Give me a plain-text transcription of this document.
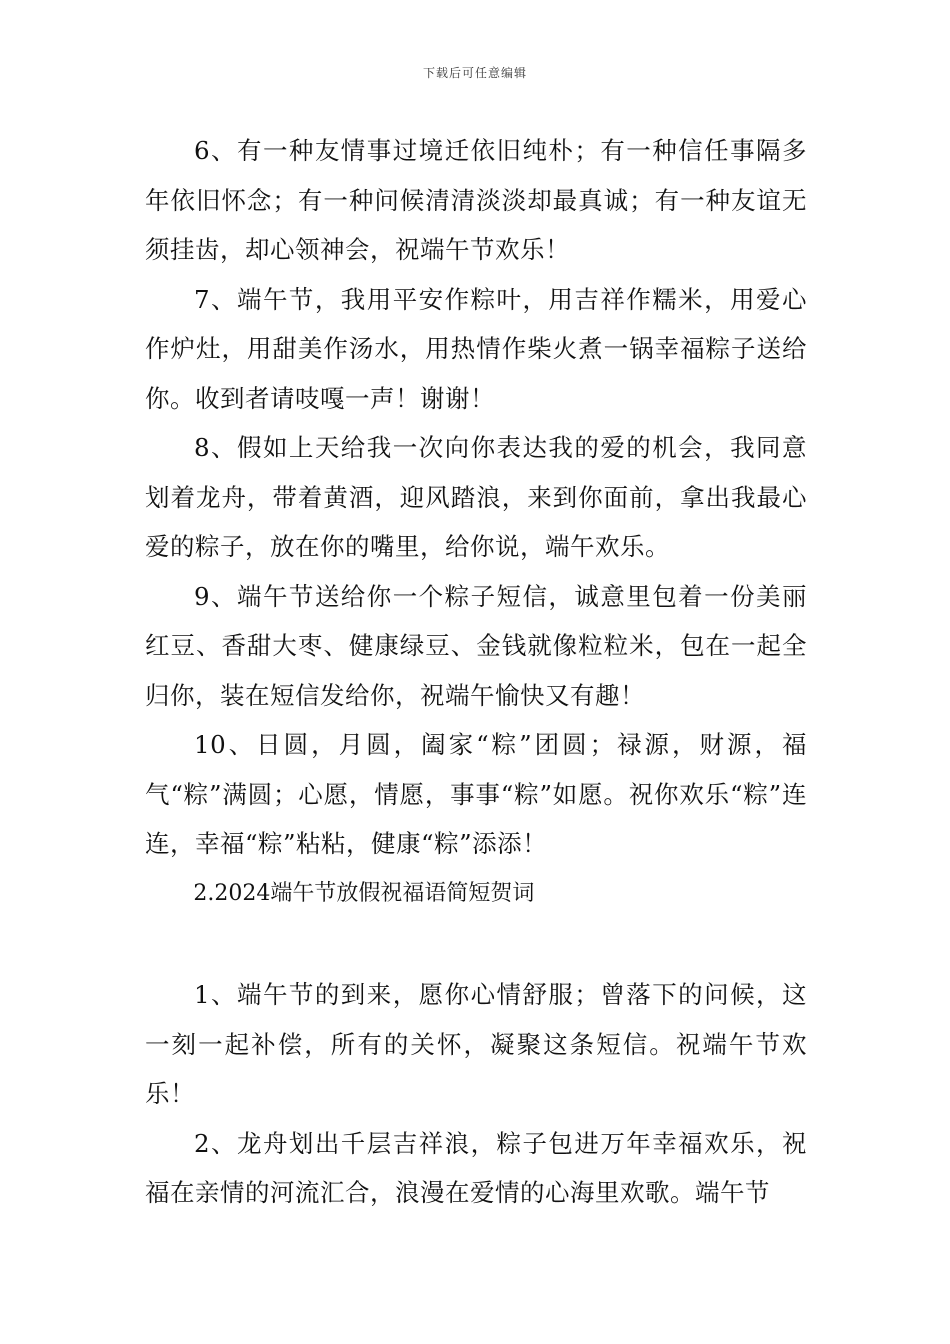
下载后可任意编辑

6、有一种友情事过境迁依旧纯朴；有一种信任事隔多年依旧怀念；有一种问候清清淡淡却最真诚；有一种友谊无须挂齿，却心领神会，祝端午节欢乐！

7、端午节，我用平安作粽叶，用吉祥作糯米，用爱心作炉灶，用甜美作汤水，用热情作柴火煮一锅幸福粽子送给你。收到者请吱嘎一声！谢谢！

8、假如上天给我一次向你表达我的爱的机会，我同意划着龙舟，带着黄酒，迎风踏浪，来到你面前，拿出我最心爱的粽子，放在你的嘴里，给你说，端午欢乐。

9、端午节送给你一个粽子短信，诚意里包着一份美丽红豆、香甜大枣、健康绿豆、金钱就像粒粒米，包在一起全归你，装在短信发给你，祝端午愉快又有趣！

10、日圆，月圆，阖家“粽”团圆；禄源，财源，福气“粽”满圆；心愿，情愿，事事“粽”如愿。祝你欢乐“粽”连连，幸福“粽”粘粘，健康“粽”添添！

2.2024端午节放假祝福语简短贺词

1、端午节的到来，愿你心情舒服；曾落下的问候，这一刻一起补偿，所有的关怀，凝聚这条短信。祝端午节欢乐！

2、龙舟划出千层吉祥浪，粽子包进万年幸福欢乐，祝福在亲情的河流汇合，浪漫在爱情的心海里欢歌。端午节
